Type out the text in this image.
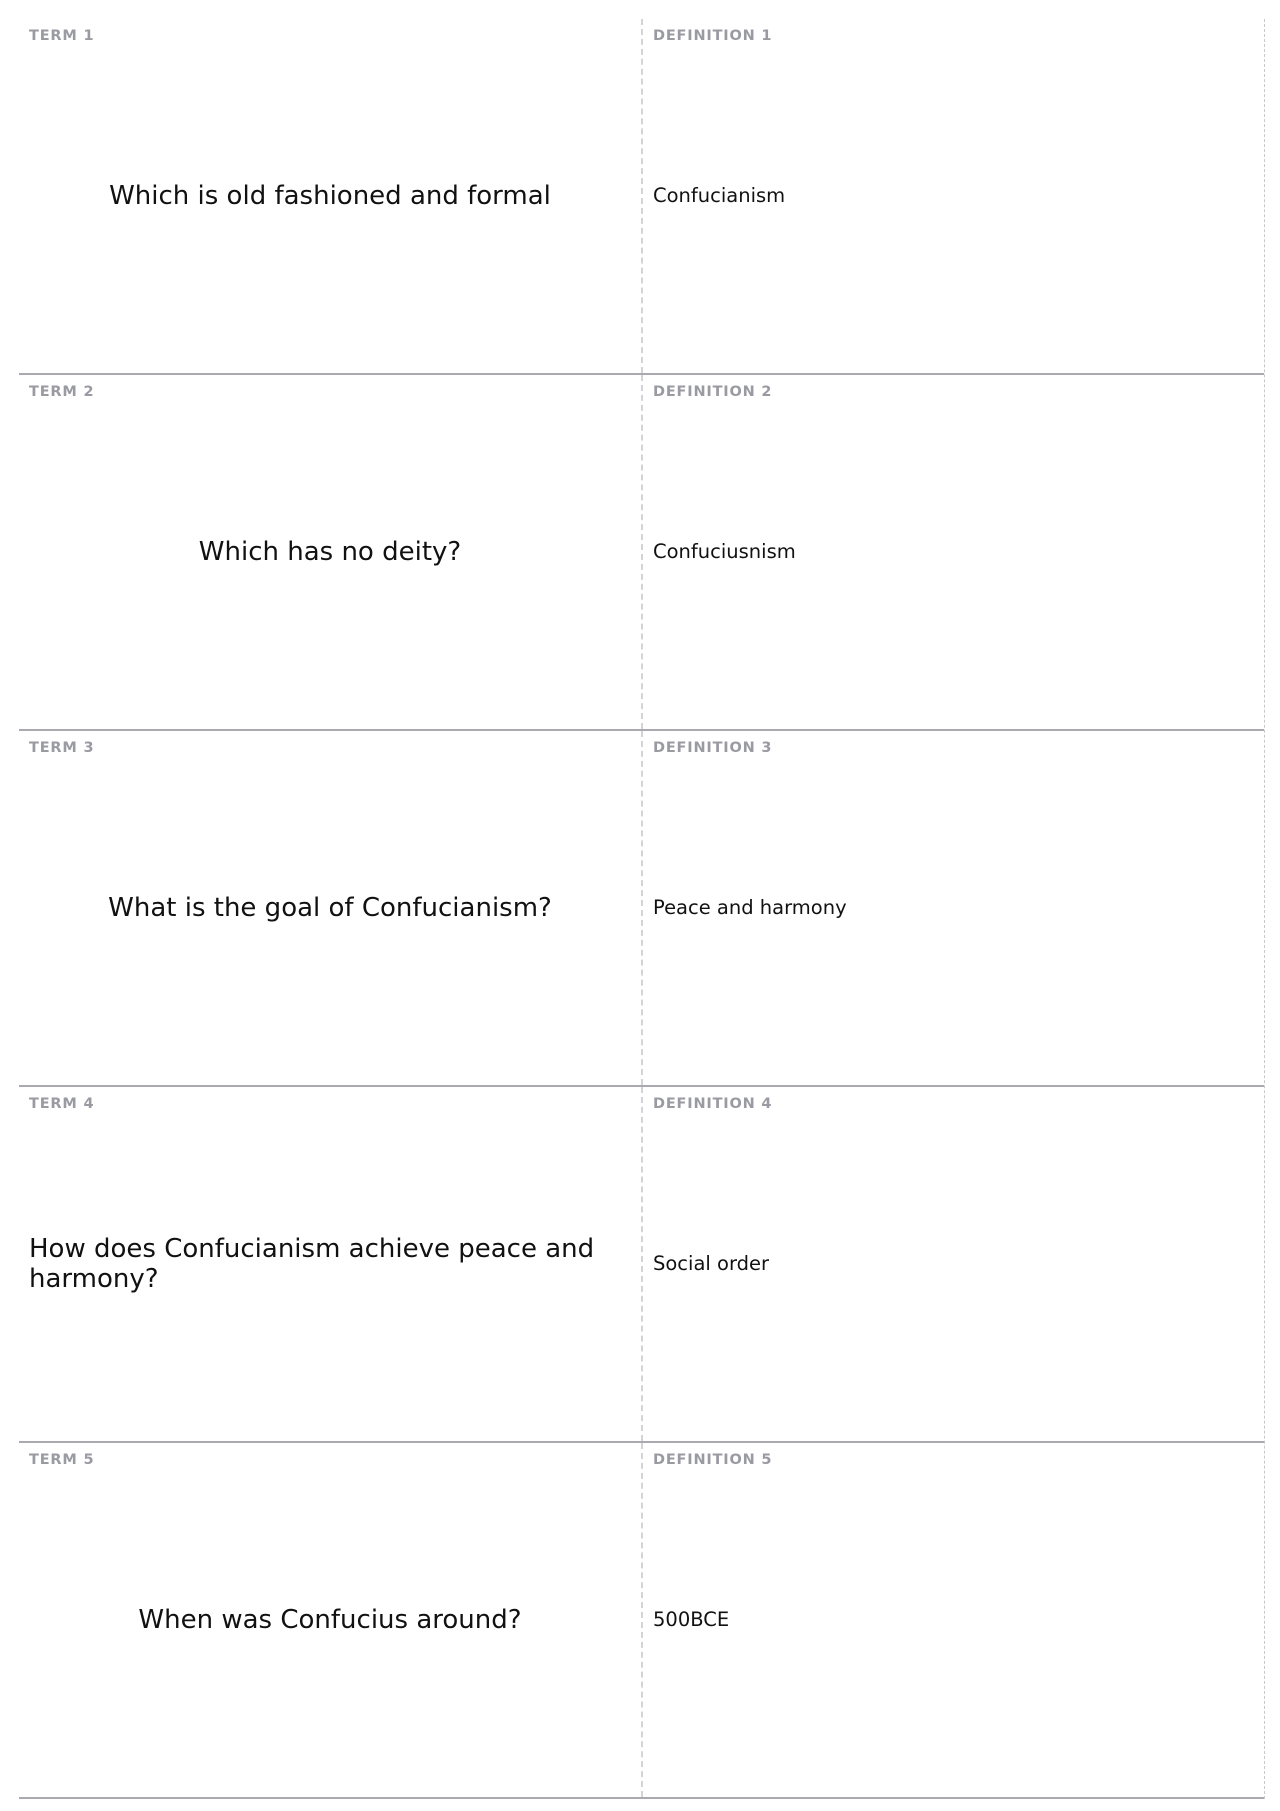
TERM 1
Which is old fashioned and formal
DEFINITION 1
Confucianism
TERM 2
Which has no deity?
DEFINITION 2
Confuciusnism
TERM 3
What is the goal of Confucianism?
DEFINITION 3
Peace and harmony
TERM 4
How does Confucianism achieve peace and harmony?
DEFINITION 4
Social order
TERM 5
When was Confucius around?
DEFINITION 5
500BCE
